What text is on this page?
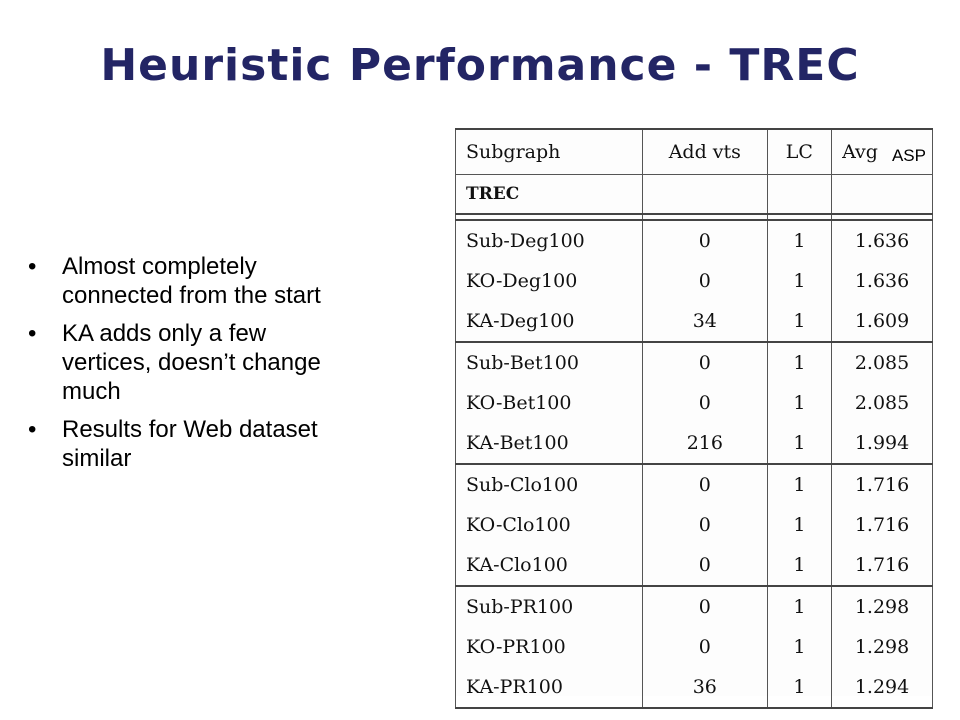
Heuristic Performance - TREC
• Almost completely connected from the start
• KA adds only a few vertices, doesn’t change much
• Results for Web dataset similar
Subgraph	Add vts	LC	Avg ASP

TREC			

Sub-Deg100	0	1	1.636
KO-Deg100	0	1	1.636
KA-Deg100	34	1	1.609
Sub-Bet100	0	1	2.085
KO-Bet100	0	1	2.085
KA-Bet100	216	1	1.994
Sub-Clo100	0	1	1.716
KO-Clo100	0	1	1.716
KA-Clo100	0	1	1.716
Sub-PR100	0	1	1.298
KO-PR100	0	1	1.298
KA-PR100	36	1	1.294
